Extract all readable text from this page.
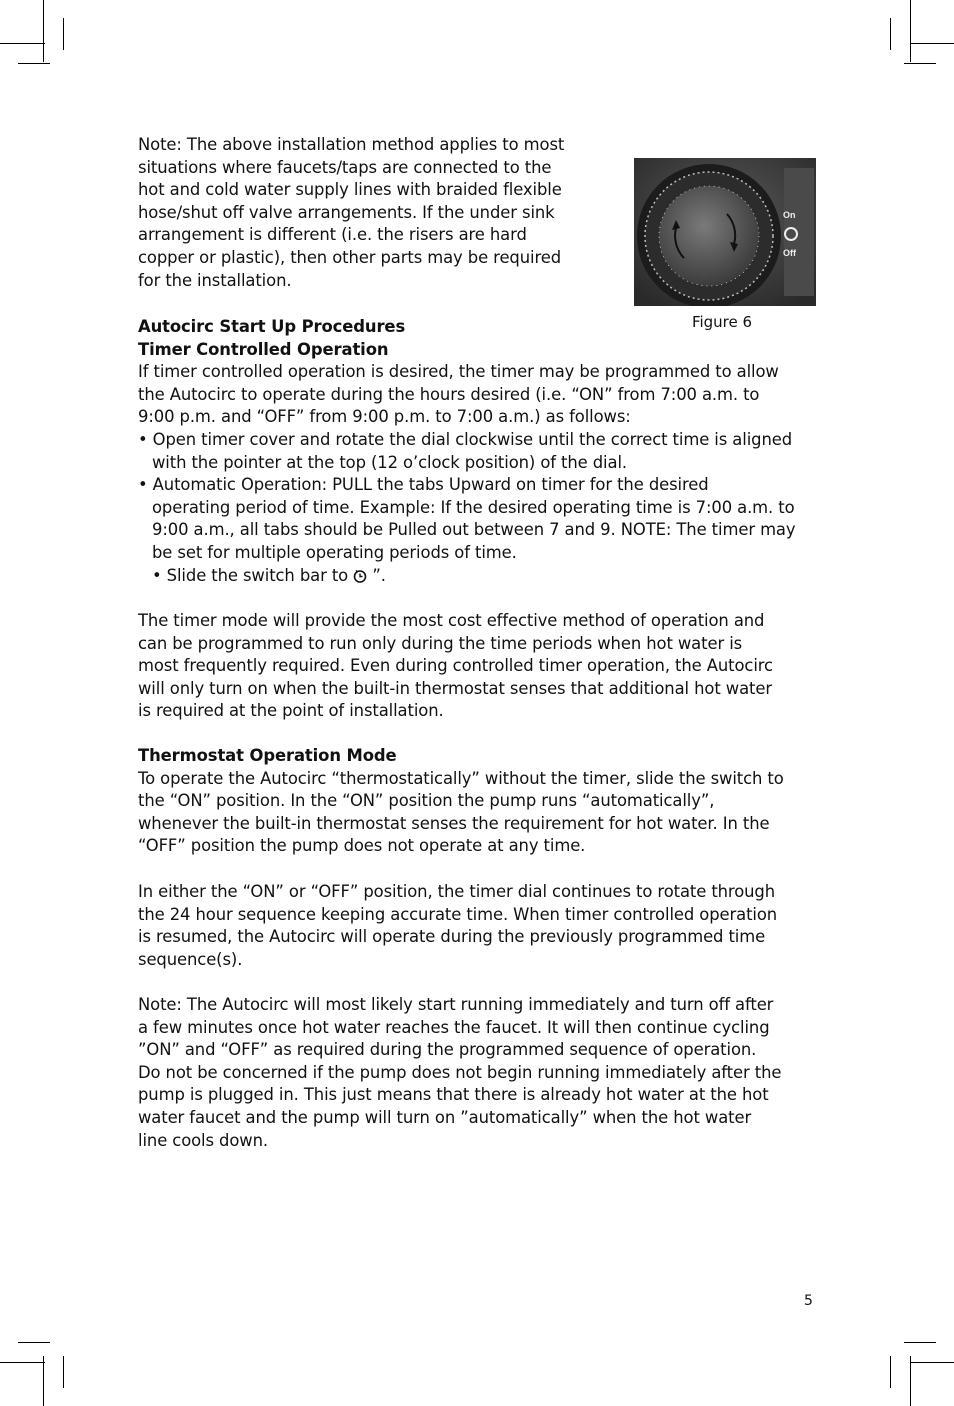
Note: The above installation method applies to most
situations where faucets/taps are connected to the
hot and cold water supply lines with braided flexible
hose/shut off valve arrangements. If the under sink
arrangement is different (i.e. the risers are hard
copper or plastic), then other parts may be required
for the installation.
On
Off
Figure 6
Autocirc Start Up Procedures
Timer Controlled Operation
If timer controlled operation is desired, the timer may be programmed to allow
the Autocirc to operate during the hours desired (i.e. “ON” from 7:00 a.m. to
9:00 p.m. and “OFF” from 9:00 p.m. to 7:00 a.m.) as follows:
• Open timer cover and rotate the dial clockwise until the correct time is aligned
with the pointer at the top (12 o’clock position) of the dial.
• Automatic Operation: PULL the tabs Upward on timer for the desired
operating period of time. Example: If the desired operating time is 7:00 a.m. to
9:00 a.m., all tabs should be Pulled out between 7 and 9. NOTE: The timer may
be set for multiple operating periods of time.
• Slide the switch bar to  ”.
The timer mode will provide the most cost effective method of operation and
can be programmed to run only during the time periods when hot water is
most frequently required. Even during controlled timer operation, the Autocirc
will only turn on when the built-in thermostat senses that additional hot water
is required at the point of installation.
Thermostat Operation Mode
To operate the Autocirc “thermostatically” without the timer, slide the switch to
the “ON” position. In the “ON” position the pump runs “automatically”,
whenever the built-in thermostat senses the requirement for hot water. In the
“OFF” position the pump does not operate at any time.
In either the “ON” or “OFF” position, the timer dial continues to rotate through
the 24 hour sequence keeping accurate time. When timer controlled operation
is resumed, the Autocirc will operate during the previously programmed time
sequence(s).
Note: The Autocirc will most likely start running immediately and turn off after
a few minutes once hot water reaches the faucet. It will then continue cycling
”ON” and “OFF” as required during the programmed sequence of operation.
Do not be concerned if the pump does not begin running immediately after the
pump is plugged in. This just means that there is already hot water at the hot
water faucet and the pump will turn on ”automatically” when the hot water
line cools down.
5
